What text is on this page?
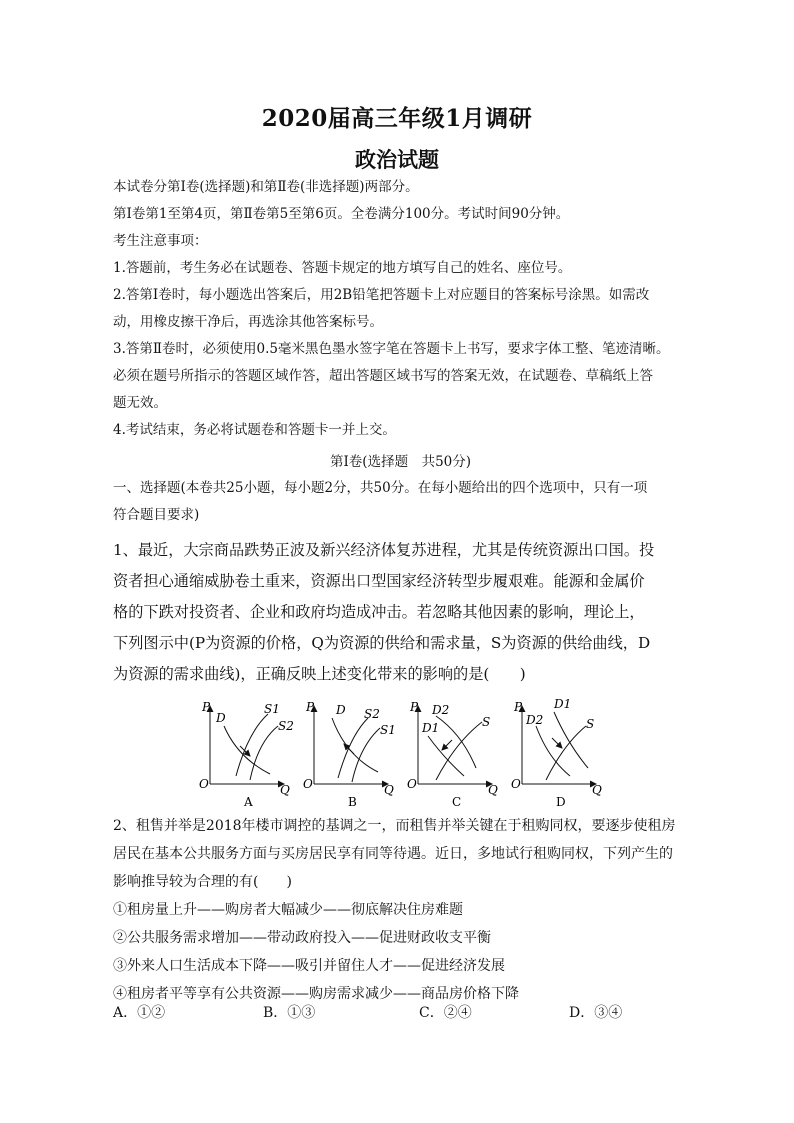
2020届高三年级1月调研
政治试题

本试卷分第Ⅰ卷(选择题)和第Ⅱ卷(非选择题)两部分。

第Ⅰ卷第1至第4页，第Ⅱ卷第5至第6页。全卷满分100分。考试时间90分钟。

考生注意事项：

1.答题前，考生务必在试题卷、答题卡规定的地方填写自己的姓名、座位号。

2.答第Ⅰ卷时，每小题选出答案后，用2B铅笔把答题卡上对应题目的答案标号涂黑。如需改

动，用橡皮擦干净后，再选涂其他答案标号。

3.答第Ⅱ卷时，必须使用0.5毫米黑色墨水签字笔在答题卡上书写，要求字体工整、笔迹清晰。

必须在题号所指示的答题区域作答，超出答题区域书写的答案无效，在试题卷、草稿纸上答

题无效。

4.考试结束，务必将试题卷和答题卡一并上交。

第Ⅰ卷(选择题　共50分)

一、选择题(本卷共25小题，每小题2分，共50分。在每小题给出的四个选项中，只有一项

符合题目要求)

1、最近，大宗商品跌势正波及新兴经济体复苏进程，尤其是传统资源出口国。投

资者担心通缩威胁卷土重来，资源出口型国家经济转型步履艰难。能源和金属价

格的下跌对投资者、企业和政府均造成冲击。若忽略其他因素的影响，理论上，

下列图示中(P为资源的价格，Q为资源的供给和需求量，S为资源的供给曲线，D

为资源的需求曲线)，正确反映上述变化带来的影响的是(　　)

P
Q
O
D
S1
S2
A
P
Q
O
D S2
S1
B
P
Q
O
D2
D1	S
C
P
Q
O
D1
D2	S
D

2、租售并举是2018年楼市调控的基调之一，而租售并举关键在于租购同权，要逐步使租房

居民在基本公共服务方面与买房居民享有同等待遇。近日，多地试行租购同权，下列产生的

影响推导较为合理的有(　　)

①租房量上升——购房者大幅减少——彻底解决住房难题

②公共服务需求增加——带动政府投入——促进财政收支平衡

③外来人口生活成本下降——吸引并留住人才——促进经济发展

④租房者平等享有公共资源——购房需求减少——商品房价格下降

A．①②	B．①③	C．②④	D．③④
